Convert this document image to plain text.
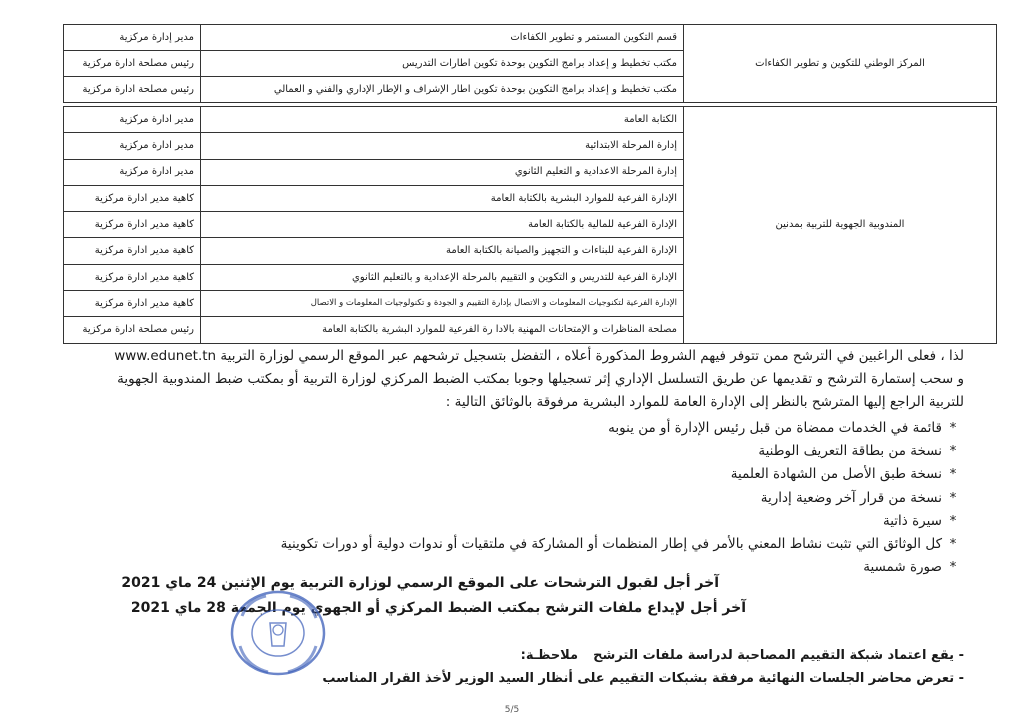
المركز الوطني للتكوين و تطوير الكفاءات	قسم التكوين المستمر و تطوير الكفاءات	مدير إدارة مركزية
	مكتب تخطيط و إعداد برامج التكوين بوحدة تكوين اطارات التدريس	رئيس مصلحة ادارة مركزية
	مكتب تخطيط و إعداد برامج التكوين بوحدة تكوين اطار الإشراف و الإطار الإداري والفني و العمالي	رئيس مصلحة ادارة مركزية
المندوبية الجهوية للتربية بمدنين	الكتابة العامة	مدير ادارة مركزية
	إدارة المرحلة الابتدائية	مدير ادارة مركزية
	إدارة المرحلة الاعدادية و التعليم الثانوي	مدير ادارة مركزية
	الإدارة الفرعية للموارد البشرية بالكتابة العامة	كاهية مدير ادارة مركزية
	الإدارة الفرعية للمالية بالكتابة العامة	كاهية مدير ادارة مركزية
	الإدارة الفرعية للبناءات و التجهيز والصيانة بالكتابة العامة	كاهية مدير ادارة مركزية
	الإدارة الفرعية للتدريس و التكوين و التقييم بالمرحلة الإعدادية و بالتعليم الثانوي	كاهية مدير ادارة مركزية
	الإدارة الفرعية لتكنوجيات المعلومات و الاتصال بإدارة التقييم و الجودة و تكنولوجيات المعلومات و الاتصال	كاهية مدير ادارة مركزية
	مصلحة المناظرات و الإمتحانات المهنية بالادا رة الفرعية للموارد البشرية بالكتابة العامة	رئيس مصلحة ادارة مركزية
لذا ، فعلى الراغبين في الترشح ممن تتوفر فيهم الشروط المذكورة أعلاه ، التفضل بتسجيل ترشحهم عبر الموقع الرسمي لوزارة التربية www.edunet.tn
و سحب إستمارة الترشح و تقديمها عن طريق التسلسل الإداري إثر تسجيلها وجوبا بمكتب الضبط المركزي لوزارة التربية أو بمكتب ضبط المندوبية الجهوية
للتربية الراجع إليها المترشح بالنظر إلى الإدارة العامة للموارد البشرية مرفوقة بالوثائق التالية :
*قائمة في الخدمات ممضاة من قبل رئيس الإدارة أو من ينوبه
*نسخة من بطاقة التعريف الوطنية
*نسخة طبق الأصل من الشهادة العلمية
*نسخة من قرار آخر وضعية إدارية
*سيرة ذاتية
*كل الوثائق التي تثبت نشاط المعني بالأمر في إطار المنظمات أو المشاركة في ملتقيات أو ندوات دولية أو دورات تكوينية
*صورة شمسية
آخر أجل لقبول الترشحات على الموقع الرسمي لوزارة التربية يوم الإثنين 24 ماي 2021
آخر أجل لإيداع ملفات الترشح بمكتب الضبط المركزي أو الجهوي يوم الجمعة 28 ماي 2021
- يقع اعتماد شبكة التقييم المصاحبة لدراسة ملفات الترشح  ملاحظـة:
- تعرض محاضر الجلسات النهائية مرفقة بشبكات التقييم على أنظار السيد الوزير لأخذ القرار المناسب
5/5
